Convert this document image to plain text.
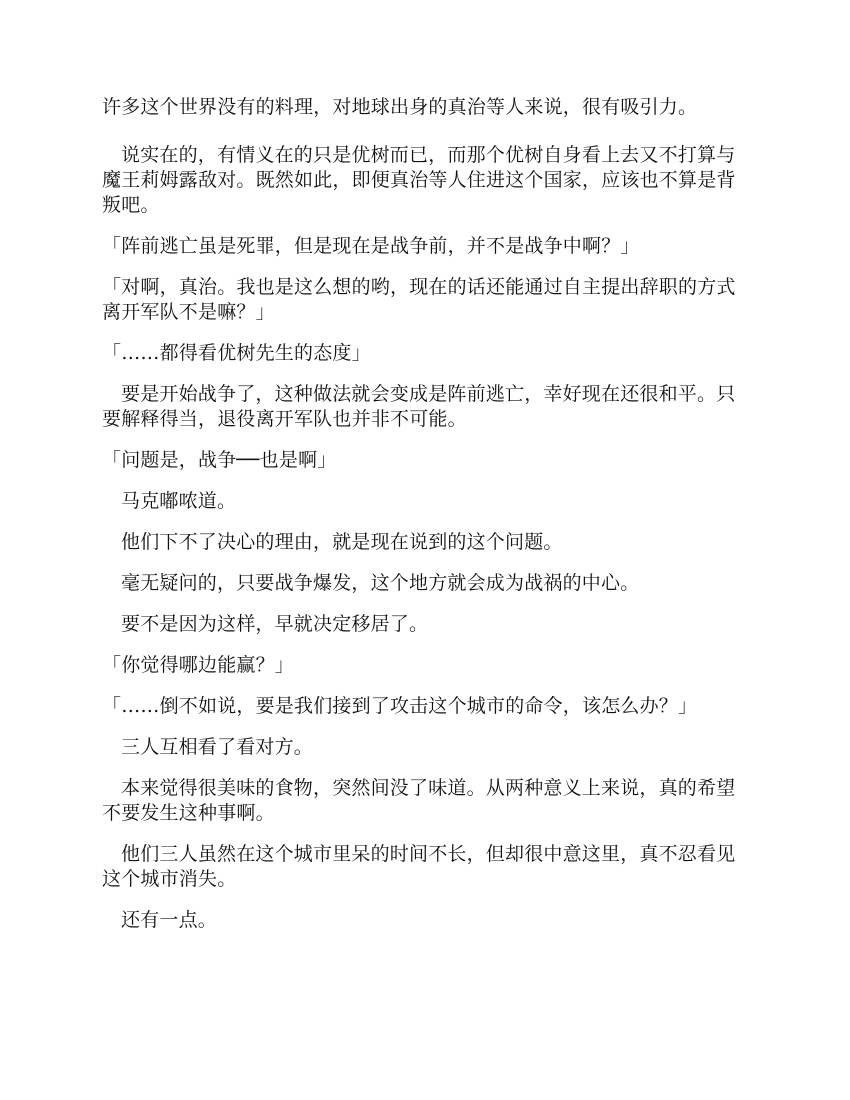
许多这个世界没有的料理，对地球出身的真治等人来说，很有吸引力。

说实在的，有情义在的只是优树而已，而那个优树自身看上去又不打算与魔王莉姆露敌对。既然如此，即便真治等人住进这个国家，应该也不算是背叛吧。

「阵前逃亡虽是死罪，但是现在是战争前，并不是战争中啊？」

「对啊，真治。我也是这么想的哟，现在的话还能通过自主提出辞职的方式离开军队不是嘛？」

「……都得看优树先生的态度」

要是开始战争了，这种做法就会变成是阵前逃亡，幸好现在还很和平。只要解释得当，退役离开军队也并非不可能。

「问题是，战争──也是啊」

马克嘟哝道。

他们下不了决心的理由，就是现在说到的这个问题。

毫无疑问的，只要战争爆发，这个地方就会成为战祸的中心。

要不是因为这样，早就决定移居了。

「你觉得哪边能赢？」

「……倒不如说，要是我们接到了攻击这个城市的命令，该怎么办？」

三人互相看了看对方。

本来觉得很美味的食物，突然间没了味道。从两种意义上来说，真的希望不要发生这种事啊。

他们三人虽然在这个城市里呆的时间不长，但却很中意这里，真不忍看见这个城市消失。

还有一点。
